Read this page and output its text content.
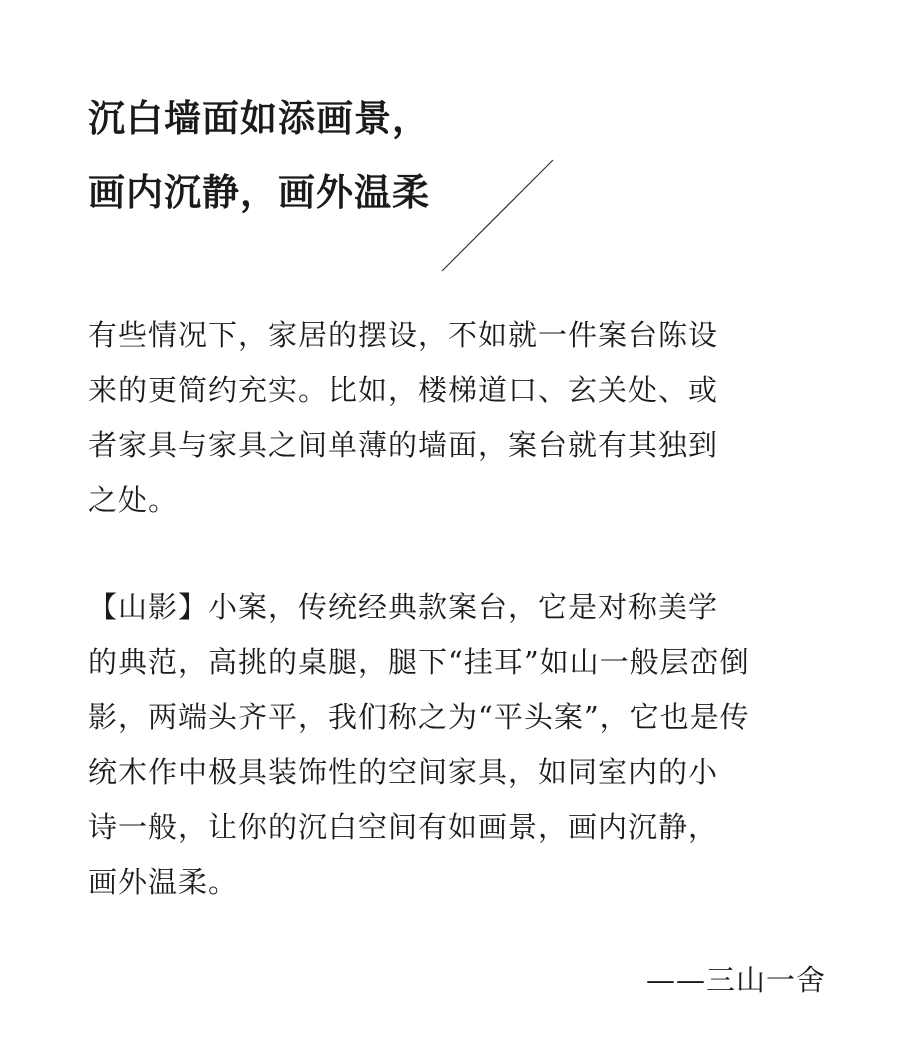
沉白墙面如添画景，
画内沉静，画外温柔
有些情况下，家居的摆设，不如就一件案台陈设
来的更简约充实。比如，楼梯道口、玄关处、或
者家具与家具之间单薄的墙面，案台就有其独到
之处。
【山影】小案，传统经典款案台，它是对称美学
的典范，高挑的桌腿，腿下“挂耳”如山一般层峦倒
影，两端头齐平，我们称之为“平头案”，它也是传
统木作中极具装饰性的空间家具，如同室内的小
诗一般，让你的沉白空间有如画景，画内沉静，
画外温柔。
——三山一舍
